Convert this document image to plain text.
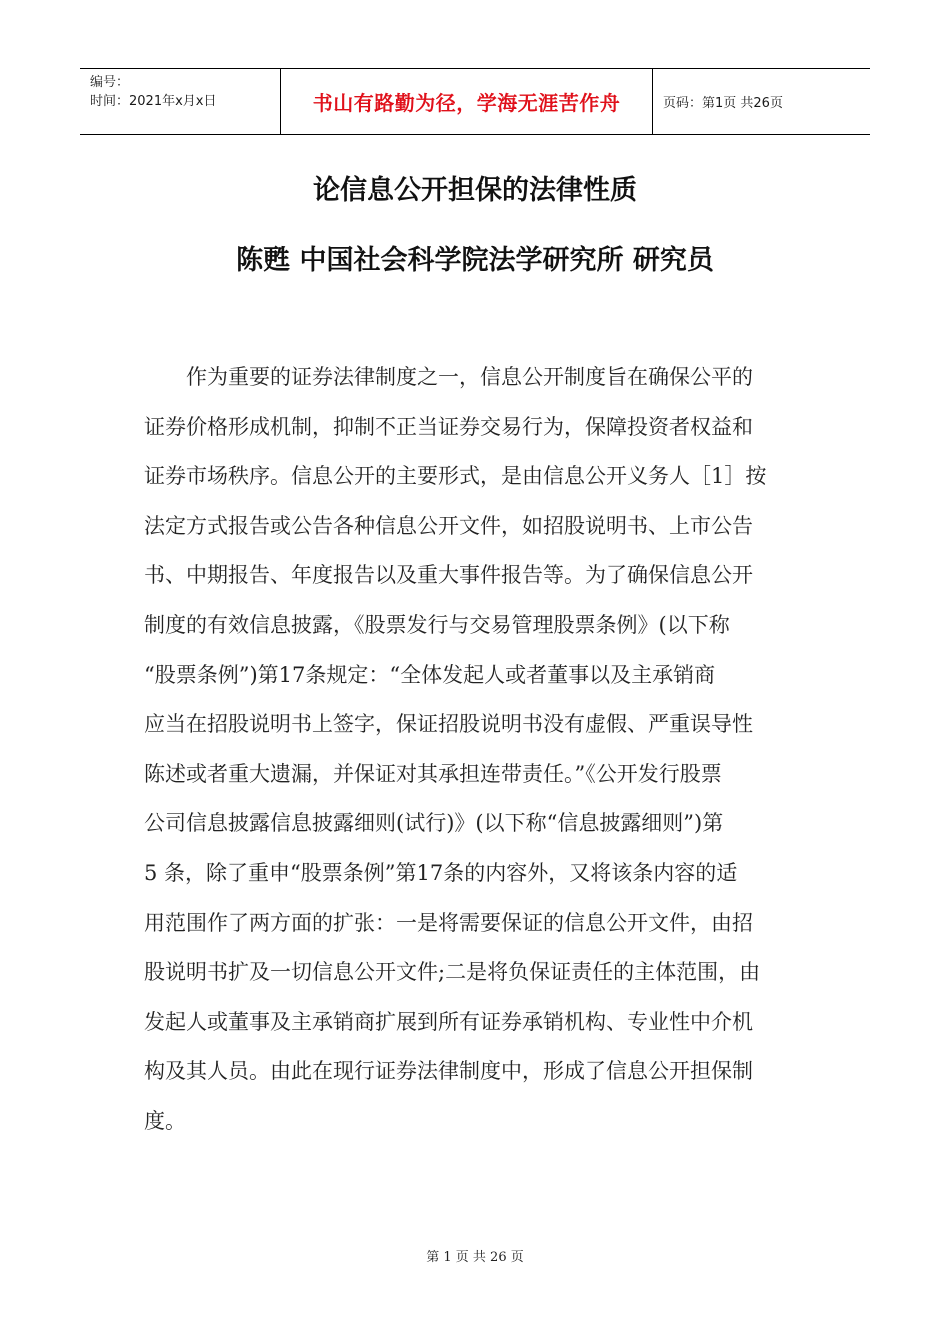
编号：
时间：2021年x月x日	书山有路勤为径，学海无涯苦作舟	页码：第1页 共26页
论信息公开担保的法律性质
陈甦 中国社会科学院法学研究所 研究员

　　作为重要的证券法律制度之一，信息公开制度旨在确保公平的
证券价格形成机制，抑制不正当证券交易行为，保障投资者权益和
证券市场秩序。信息公开的主要形式，是由信息公开义务人［1］按
法定方式报告或公告各种信息公开文件，如招股说明书、上市公告
书、中期报告、年度报告以及重大事件报告等。为了确保信息公开
制度的有效信息披露，《股票发行与交易管理股票条例》(以下称
“股票条例”)第17条规定：“全体发起人或者董事以及主承销商
应当在招股说明书上签字，保证招股说明书没有虚假、严重误导性
陈述或者重大遗漏，并保证对其承担连带责任。”《公开发行股票
公司信息披露信息披露细则(试行)》(以下称“信息披露细则”)第
5 条，除了重申“股票条例”第17条的内容外，又将该条内容的适
用范围作了两方面的扩张：一是将需要保证的信息公开文件，由招
股说明书扩及一切信息公开文件;二是将负保证责任的主体范围，由
发起人或董事及主承销商扩展到所有证券承销机构、专业性中介机
构及其人员。由此在现行证券法律制度中，形成了信息公开担保制
度。

第 1 页 共 26 页
